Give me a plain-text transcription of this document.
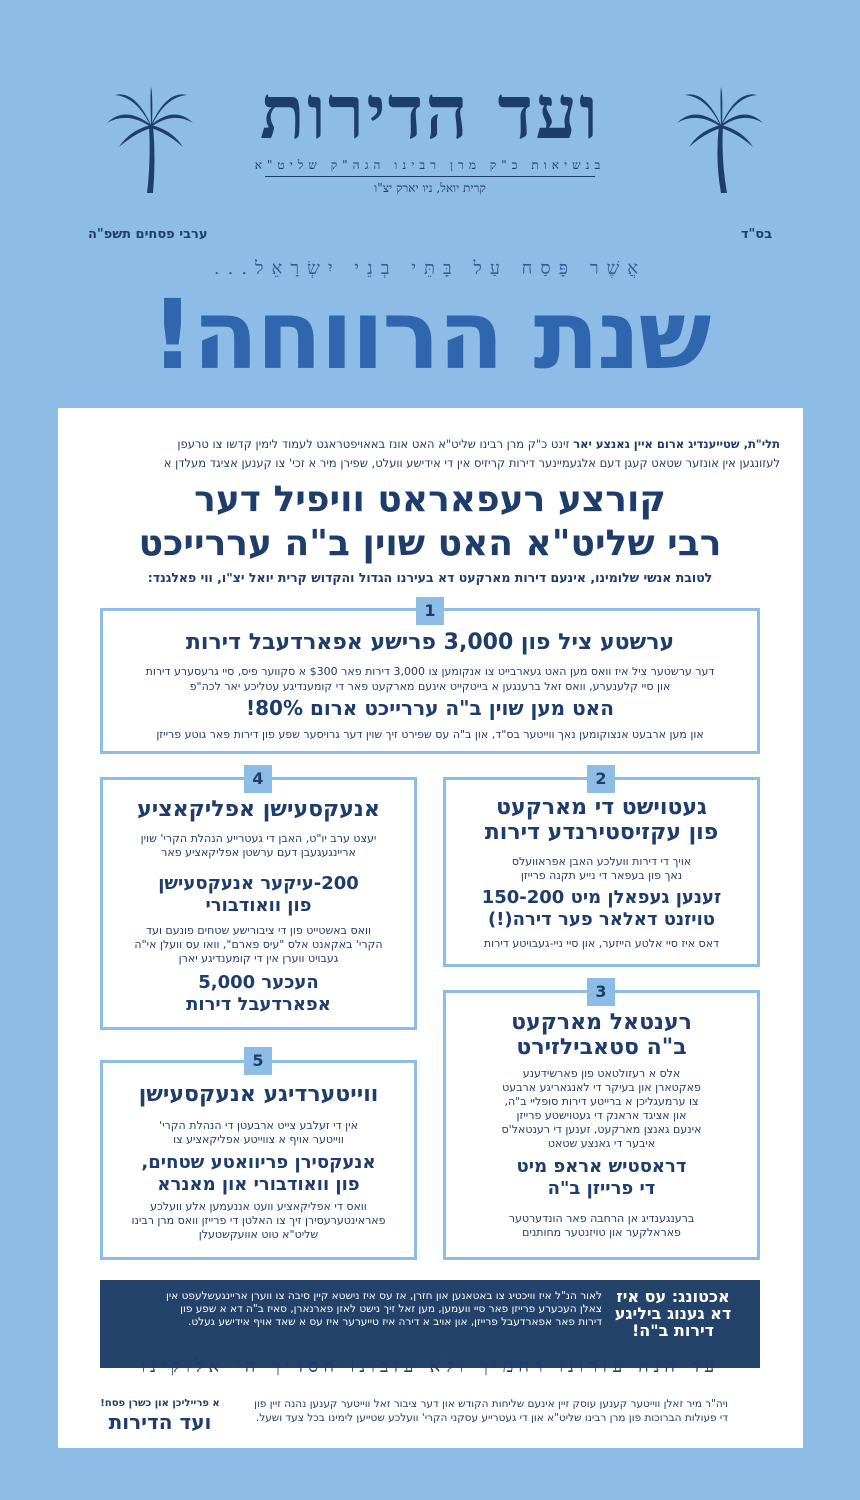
ועד הדירות
בנשיאות כ"ק מרן רבינו הגה"ק שליט"א
קרית יואל, ניו יארק יצ"ו
ערבי פסחים תשפ"ה	בס"ד
אֲשֶׁר פָּסַח עַל בָּתֵּי בְנֵי יִשְׂרָאֵל...
שנת הרווחה!
תלי"ת, שטייענדיג ארום איין גאנצע יאר זינט כ"ק מרן רבינו שליט"א האט אונז באאויפטראגט לעמוד לימין קדשו צו טרעפן
לעזונגען אין אונזער שטאט קעגן דעם אלגעמיינער דירות קריזיס אין די אידישע וועלט, שפירן מיר א זכי' צו קענען אציגד מעלדן א
קורצע רעפאראט וויפיל דער
רבי שליט"א האט שוין ב"ה עררייכט
לטובת אנשי שלומינו, אינעם דירות מארקעט דא בעירנו הגדול והקדוש קרית יואל יצ"ו, ווי פאלגנד:
1
ערשטע ציל פון 3,000 פרישע אפארדעבל דירות
דער ערשטער ציל איז וואס מען האט געארבייט צו אנקומען צו 3,000 דירות פאר $300 א סקווער פיס, סיי גרעסערע דירות
און סיי קלענערע, וואס זאל ברענגען א בייטקייט אינעם מארקעט פאר די קומענדיגע עטליכע יאר לכה"פ
האט מען שוין ב"ה עררייכט ארום 80%!
און מען ארבעט אנצוקומען נאך ווייטער בס"ד, און ב"ה עס שפירט זיך שוין דער גרויסער שפע פון דירות פאר גוטע פרייזן
2
געטוישט די מארקעט
פון עקזיסטירנדע דירות
אויך די דירות וועלכע האבן אפראוועלס
נאך פון בעפאר די נייע תקנה פרייזן
זענען געפאלן מיט 150-200
טויזנט דאלאר פער דירה(!)
דאס איז סיי אלטע הייזער, און סיי ניי-געבויטע דירות
3
רענטאל מארקעט
ב"ה סטאבילזירט
אלס א רעזולטאט פון פארשידענע
פאקטארן און בעיקר די לאנגאריגע ארבעט
צו ערמעגליכן א ברייטע דירות סופליי ב"ה,
און אציגד אראנק די געטוישטע פרייזן
אינעם גאנצן מארקעט, זענען די רענטאל'ס
איבער די גאנצע שטאט
דראסטיש אראפ מיט
די פרייזן ב"ה
ברענגענדיג אן הרחבה פאר הונדערטער
פאראלקער און טויזנטער מחותנים
4
אנעקסעישן אפליקאציע
יעצט ערב יו"ט, האבן די געטרייע הנהלת הקרי' שוין
אריינגעגעבן דעם ערשטן אפליקאציע פאר
200-עיקער אנעקסעישן
פון וואודבורי
וואס באשטייט פון די ציבורישע שטחים פונעם ועד
הקרי' באקאנט אלס "עיס פארם", וואו עס וועלן אי"ה
געבויט ווערן אין די קומענדיגע יארן
העכער 5,000
אפארדעבל דירות
5
ווייטערדיגע אנעקסעישן
אין די זעלבע צייט ארבעטן די הנהלת הקרי'
ווייטער אויף א צווייטע אפליקאציע צו
אנעקסירן פריוואטע שטחים,
פון וואודבורי און מאנרא
וואס די אפליקאציע וועט אננעמען אלע וועלכע
פאראינטערעסירן זיך צו האלטן די פרייזן וואס מרן רבינו
שליט"א טוט אוועקשטעלן
אכטונג: עס איז
דא גענוג ביליגע
דירות ב"ה!
לאור הנ"ל איז וויכטיג צו באטאנען און חזרן, אז עס איז נישטא קיין סיבה צו ווערן אריינגעשלעפט אין
צאלן העכערע פרייזן פאר סיי וועמען, מען זאל זיך נישט לאזן פארנארן, סאיז ב"ה דא א שפע פון
דירות פאר אפארדעבל פרייזן, און אויב א דירה איז טייערער איז עס א שאד אויף אידישע געלט.
עד הנה עזרונו רחמיך ולא עזבונו חסדיך ה' אלוקינו
ויה"ר מיר זאלן ווייטער קענען עוסק זיין אינעם שליחות הקודש און דער ציבור זאל ווייטער קענען נהנה זיין פון
די פעולות הברוכות פון מרן רבינו שליט"א און די געטרייע עסקני הקרי' וועלכע שטייען לימינו בכל צעד ושעל.
א פרייליכן און כשרן פסח!
ועד הדירות
